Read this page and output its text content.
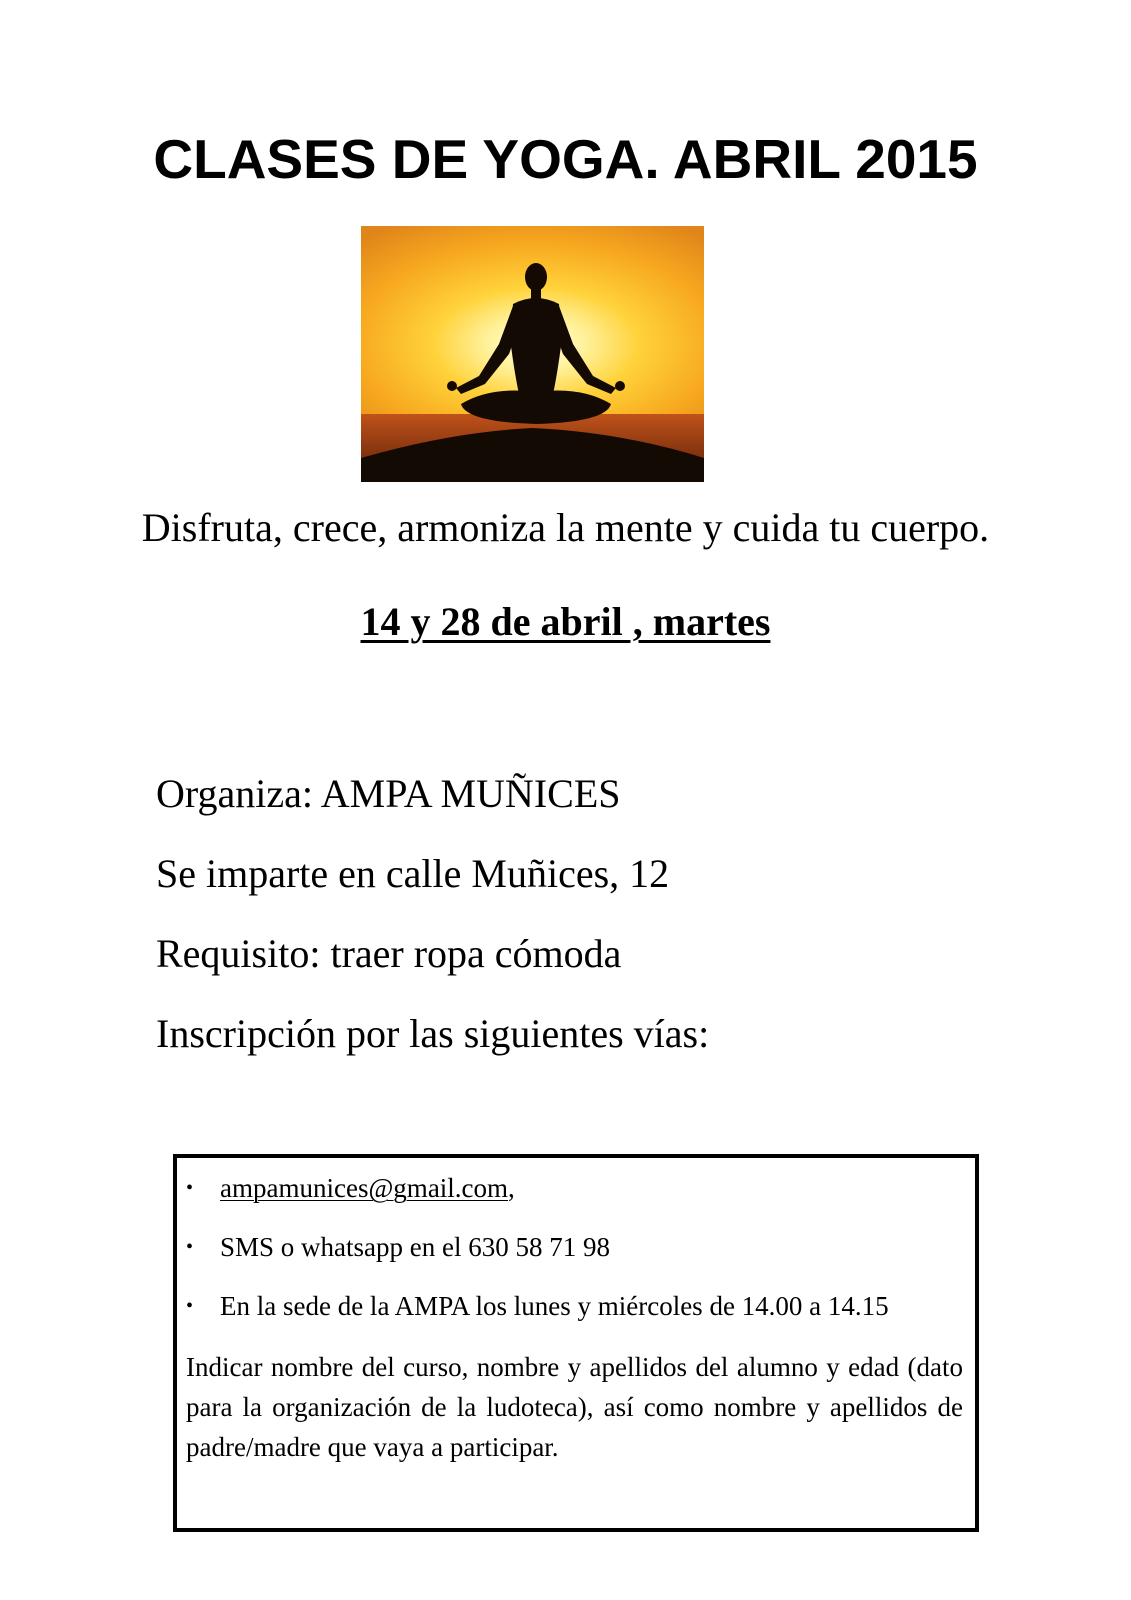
CLASES DE YOGA. ABRIL 2015

Disfruta, crece, armoniza la mente y cuida tu cuerpo.

14 y 28 de abril , martes

Organiza: AMPA MUÑICES
Se imparte en calle Muñices, 12
Requisito: traer ropa cómoda
Inscripción por las siguientes vías:
• ampamunices@gmail.com,
• SMS o whatsapp en el 630 58 71 98
• En la sede de la AMPA los lunes y miércoles de 14.00 a 14.15

Indicar nombre del curso, nombre y apellidos del alumno y edad (dato para la organización de la ludoteca), así como nombre y apellidos de padre/madre que vaya a participar.
